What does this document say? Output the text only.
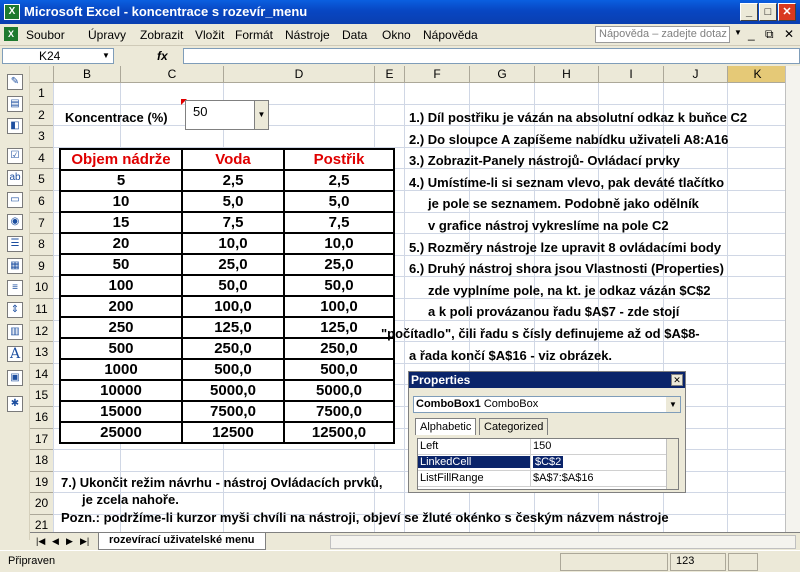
X Microsoft Excel - koncentrace s rozevír_menu	_	□	✕
X	Soubor Úpravy Zobrazit Vložit Formát Nástroje Data Okno Nápověda	Nápověda – zadejte dotaz ▼ _ ⧉ ✕
K24	▼	fx
✎
▤
◧
☑
ab
▭
◉
☰
▦
≡
⇕
▥
A
▣
✱
B	C	D	E	F	G	H	I	J	K
1
2
3
4
5
6
7
8
9
10
11
12
13
14
15
16
17
18
19
20
21
Koncentrace (%) 50	▼
Objem nádrže	Voda	Postřik
5	2,5	2,5
10	5,0	5,0
15	7,5	7,5
20	10,0	10,0
50	25,0	25,0
100	50,0	50,0
200	100,0	100,0
250	125,0	125,0
500	250,0	250,0
1000	500,0	500,0
10000	5000,0	5000,0
15000	7500,0	7500,0
25000	12500	12500,0
1.) Díl postřiku je vázán na absolutní odkaz k buňce C2
2.) Do sloupce A zapíšeme nabídku uživateli A8:A16
3.) Zobrazit-Panely nástrojů- Ovládací prvky
4.) Umístíme-li si seznam vlevo, pak deváté tlačítko
je pole se seznamem. Podobně jako odělník
v grafice nástroj vykreslíme na pole C2
5.) Rozměry nástroje lze upravit 8 ovládacími body
6.) Druhý nástroj shora jsou Vlastnosti (Properties)
zde vyplníme pole, na kt. je odkaz vázán $C$2
a k poli provázanou řadu $A$7 - zde stojí
"počítadlo", čili řadu s čísly definujeme až od $A$8-
a řada končí $A$16 - viz obrázek.
7.) Ukončit režim návrhu - nástroj Ovládacích prvků,
je zcela nahoře.
Pozn.: podržíme-li kurzor myši chvíli na nástroji, objeví se žluté okénko s českým názvem nástroje
Properties	✕
ComboBox1 ComboBox	▼
Alphabetic	Categorized
Left	150
LinkedCell	$C$2
ListFillRange	$A$7:$A$16
|◀ ◀ ▶ ▶|	rozevírací uživatelské menu
Připraven	123
